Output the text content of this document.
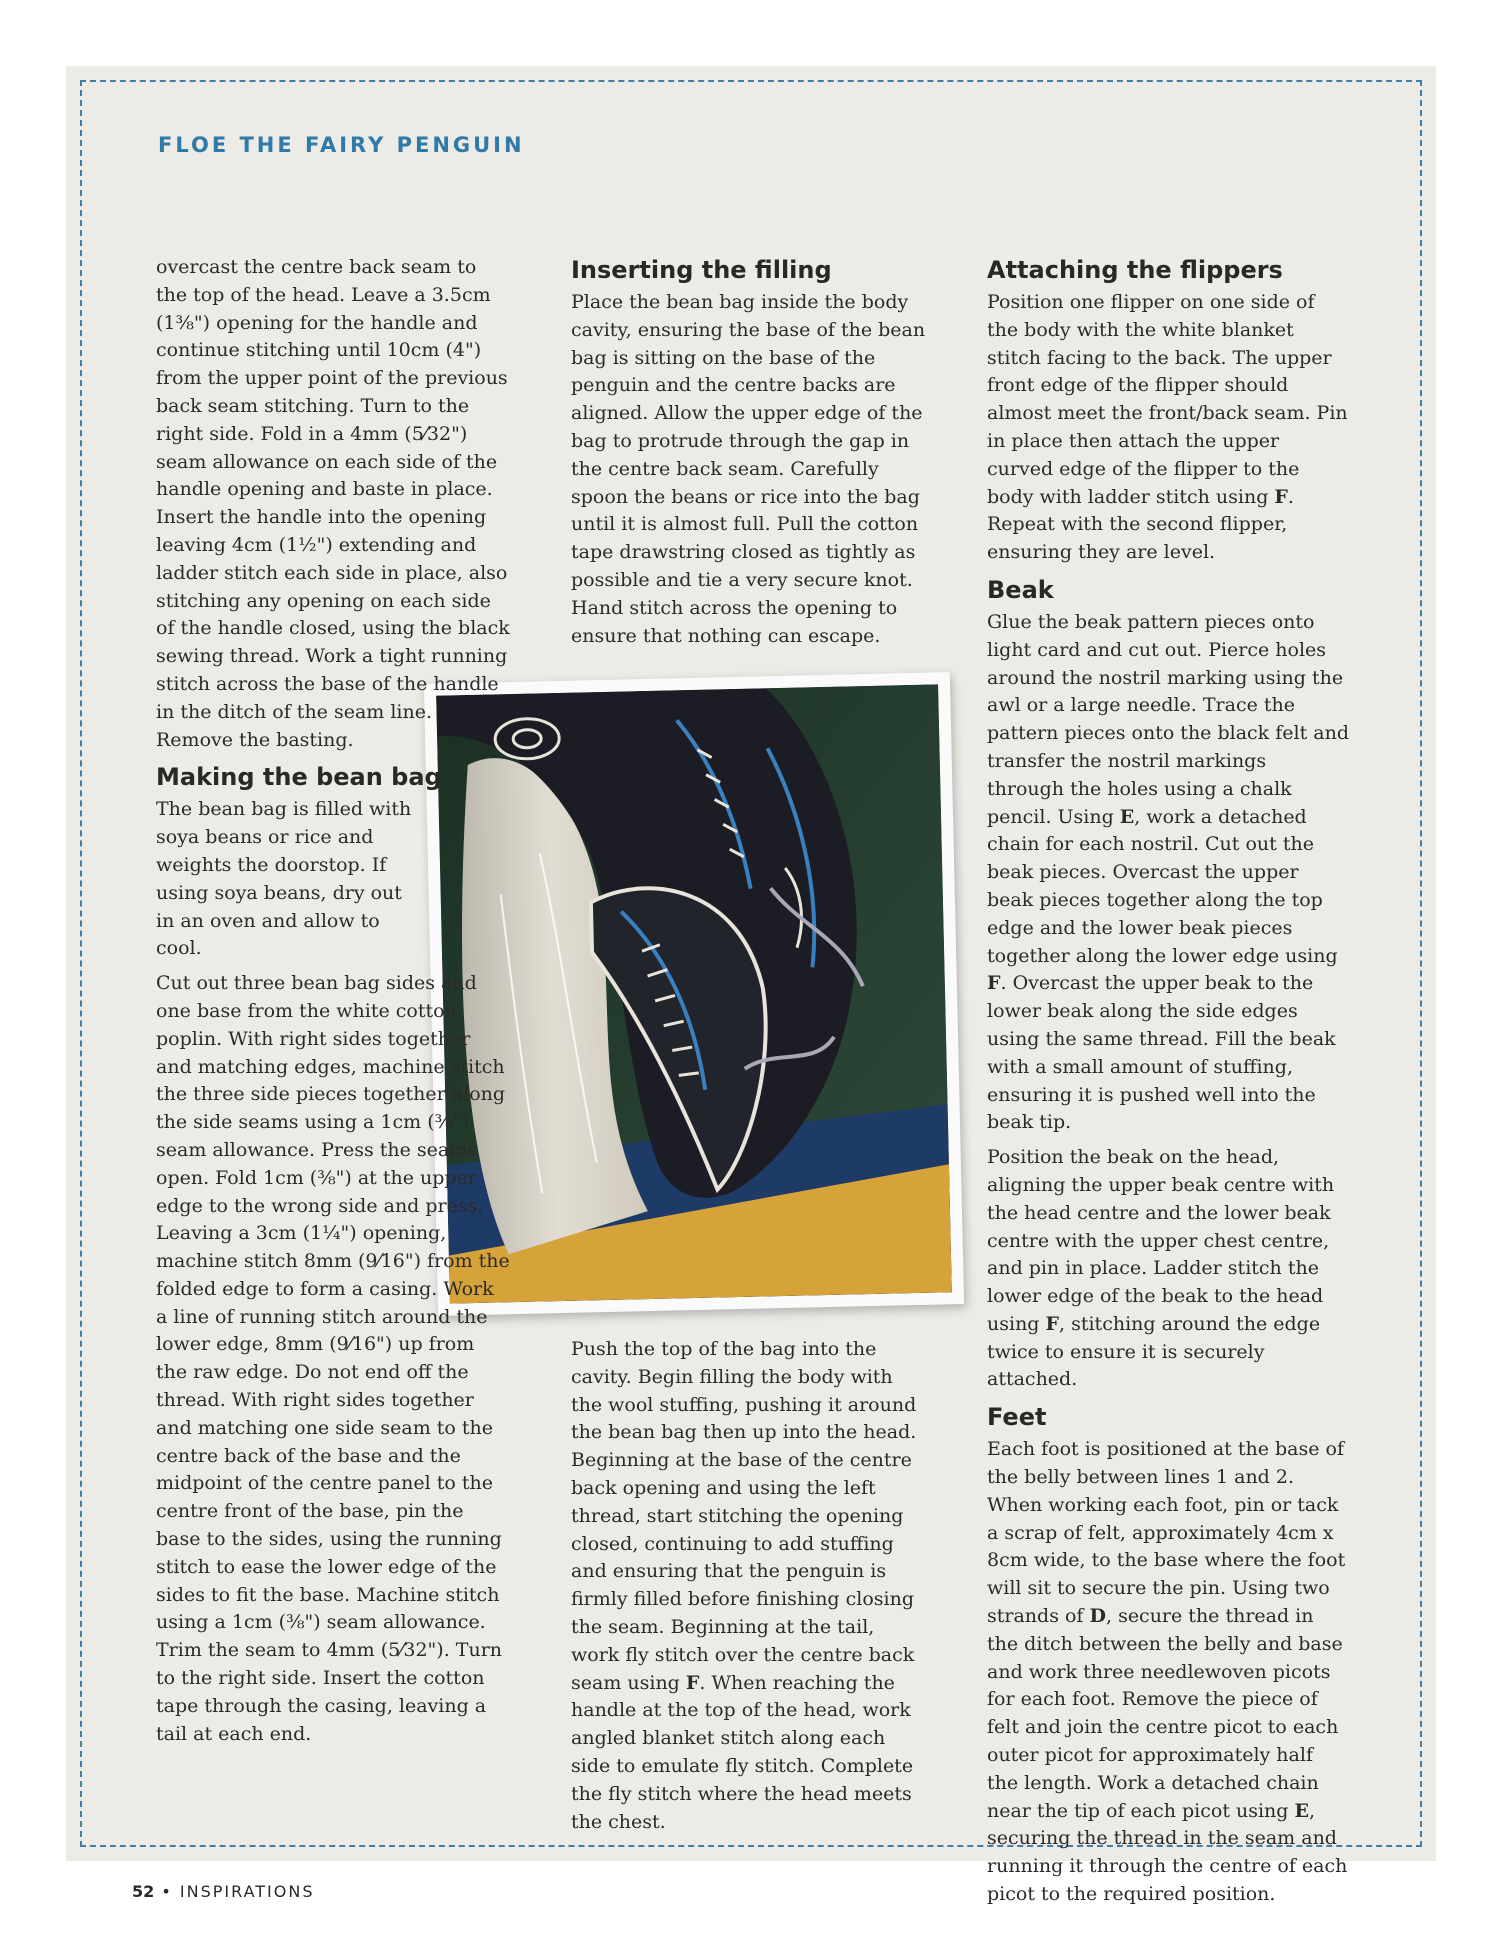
FLOE THE FAIRY PENGUIN

overcast the centre back seam to the top of the head. Leave a 3.5cm (1⅜") opening for the handle and continue stitching until 10cm (4") from the upper point of the previous back seam stitching. Turn to the right side. Fold in a 4mm (5⁄32") seam allowance on each side of the handle opening and baste in place. Insert the handle into the opening leaving 4cm (1½") extending and ladder stitch each side in place, also stitching any opening on each side of the handle closed, using the black sewing thread. Work a tight running stitch across the base of the handle in the ditch of the seam line. Remove the basting.

Making the bean bag

The bean bag is filled with soya beans or rice and weights the doorstop. If using soya beans, dry out in an oven and allow to cool.

Cut out three bean bag sides and one base from the white cotton poplin. With right sides together and matching edges, machine stitch the three side pieces together along the side seams using a 1cm (⅜") seam allowance. Press the seams open. Fold 1cm (⅜") at the upper edge to the wrong side and press. Leaving a 3cm (1¼") opening, machine stitch 8mm (9⁄16") from the folded edge to form a casing. Work a line of running stitch around the lower edge, 8mm (9⁄16") up from the raw edge. Do not end off the thread. With right sides together and matching one side seam to the centre back of the base and the midpoint of the centre panel to the centre front of the base, pin the base to the sides, using the running stitch to ease the lower edge of the sides to fit the base. Machine stitch using a 1cm (⅜") seam allowance. Trim the seam to 4mm (5⁄32"). Turn to the right side. Insert the cotton tape through the casing, leaving a tail at each end.

Inserting the filling

Place the bean bag inside the body cavity, ensuring the base of the bean bag is sitting on the base of the penguin and the centre backs are aligned. Allow the upper edge of the bag to protrude through the gap in the centre back seam. Carefully spoon the beans or rice into the bag until it is almost full. Pull the cotton tape drawstring closed as tightly as possible and tie a very secure knot. Hand stitch across the opening to ensure that nothing can escape.

Push the top of the bag into the cavity. Begin filling the body with the wool stuffing, pushing it around the bean bag then up into the head. Beginning at the base of the centre back opening and using the left thread, start stitching the opening closed, continuing to add stuffing and ensuring that the penguin is firmly filled before finishing closing the seam. Beginning at the tail, work fly stitch over the centre back seam using F. When reaching the handle at the top of the head, work angled blanket stitch along each side to emulate fly stitch. Complete the fly stitch where the head meets the chest.

Attaching the flippers

Position one flipper on one side of the body with the white blanket stitch facing to the back. The upper front edge of the flipper should almost meet the front/back seam. Pin in place then attach the upper curved edge of the flipper to the body with ladder stitch using F. Repeat with the second flipper, ensuring they are level.

Beak

Glue the beak pattern pieces onto light card and cut out. Pierce holes around the nostril marking using the awl or a large needle. Trace the pattern pieces onto the black felt and transfer the nostril markings through the holes using a chalk pencil. Using E, work a detached chain for each nostril. Cut out the beak pieces. Overcast the upper beak pieces together along the top edge and the lower beak pieces together along the lower edge using F. Overcast the upper beak to the lower beak along the side edges using the same thread. Fill the beak with a small amount of stuffing, ensuring it is pushed well into the beak tip.

Position the beak on the head, aligning the upper beak centre with the head centre and the lower beak centre with the upper chest centre, and pin in place. Ladder stitch the lower edge of the beak to the head using F, stitching around the edge twice to ensure it is securely attached.

Feet

Each foot is positioned at the base of the belly between lines 1 and 2. When working each foot, pin or tack a scrap of felt, approximately 4cm x 8cm wide, to the base where the foot will sit to secure the pin. Using two strands of D, secure the thread in the ditch between the belly and base and work three needlewoven picots for each foot. Remove the piece of felt and join the centre picot to each outer picot for approximately half the length. Work a detached chain near the tip of each picot using E, securing the thread in the seam and running it through the centre of each picot to the required position.

52 • INSPIRATIONS
